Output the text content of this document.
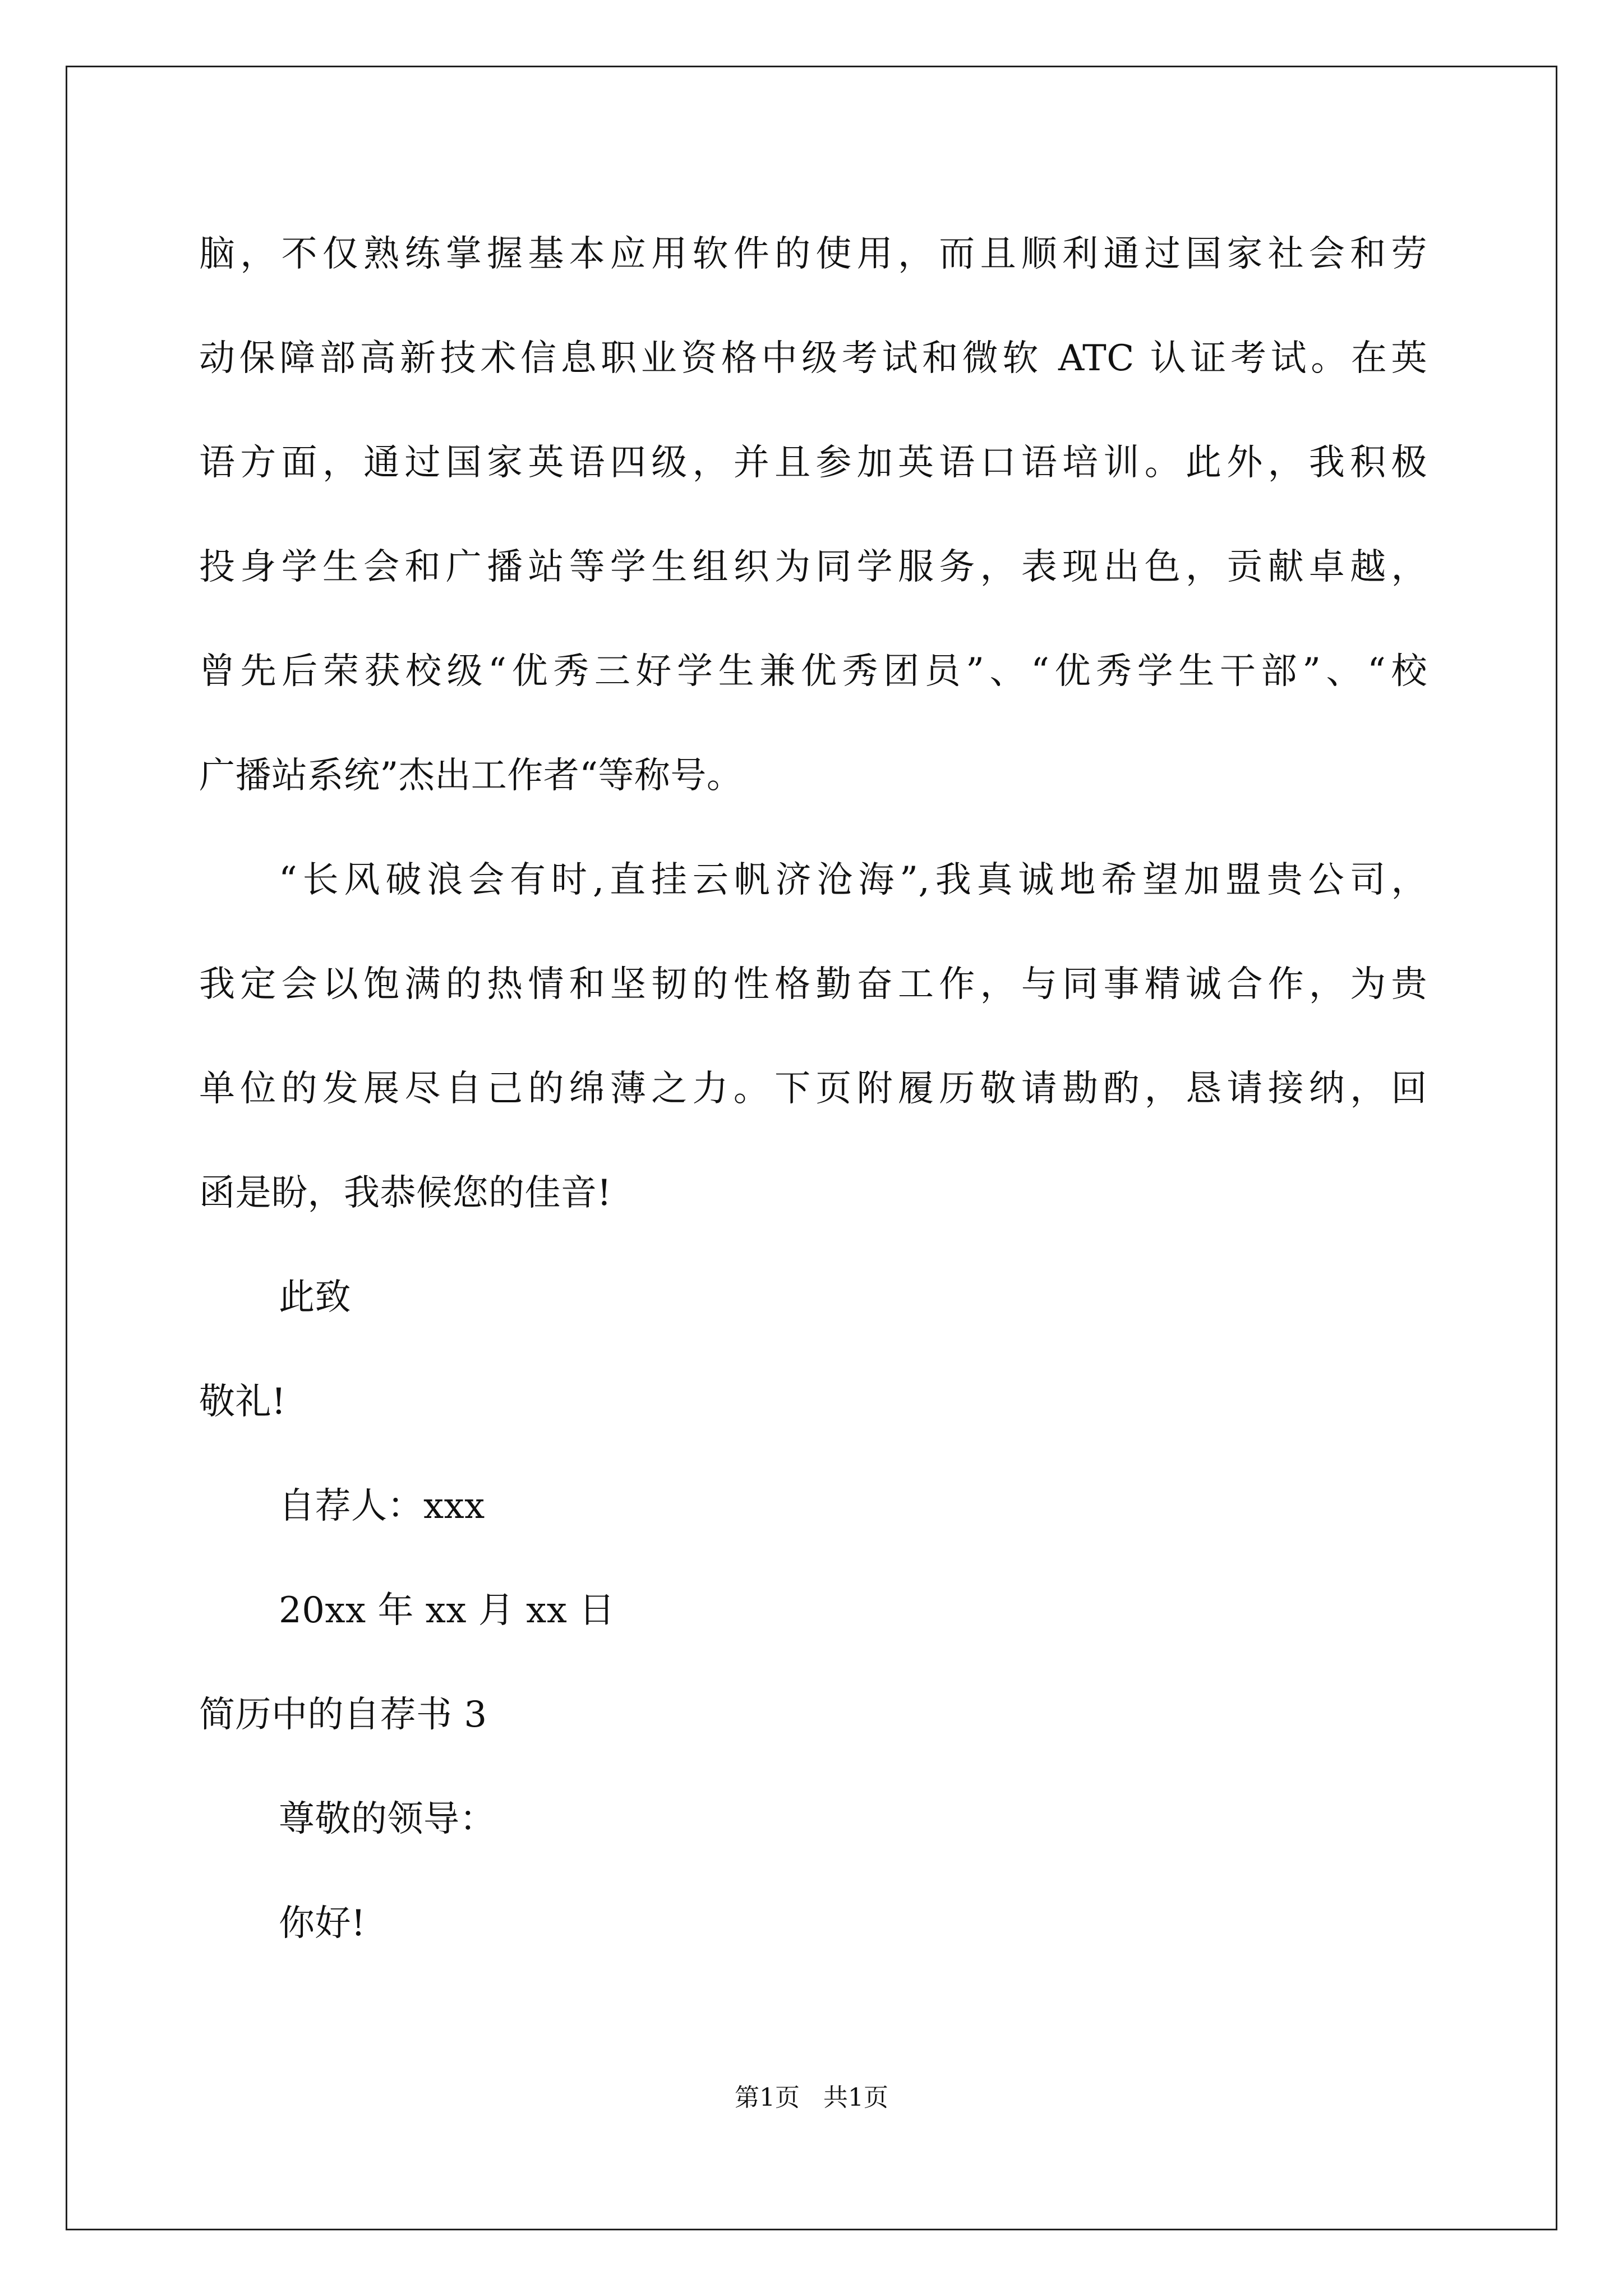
脑，不仅熟练掌握基本应用软件的使用，而且顺利通过国家社会和劳
动保障部高新技术信息职业资格中级考试和微软 ATC 认证考试。在英
语方面，通过国家英语四级，并且参加英语口语培训。此外，我积极
投身学生会和广播站等学生组织为同学服务，表现出色，贡献卓越，
曾先后荣获校级“优秀三好学生兼优秀团员”、“优秀学生干部”、“校
广播站系统”杰出工作者“等称号。
“长风破浪会有时,直挂云帆济沧海”,我真诚地希望加盟贵公司，
我定会以饱满的热情和坚韧的性格勤奋工作，与同事精诚合作，为贵
单位的发展尽自己的绵薄之力。下页附履历敬请勘酌，恳请接纳，回
函是盼，我恭候您的佳音!
此致
敬礼!
自荐人：xxx
20xx 年 xx 月 xx 日
简历中的自荐书 3
尊敬的领导：
你好!
第1页 共1页
